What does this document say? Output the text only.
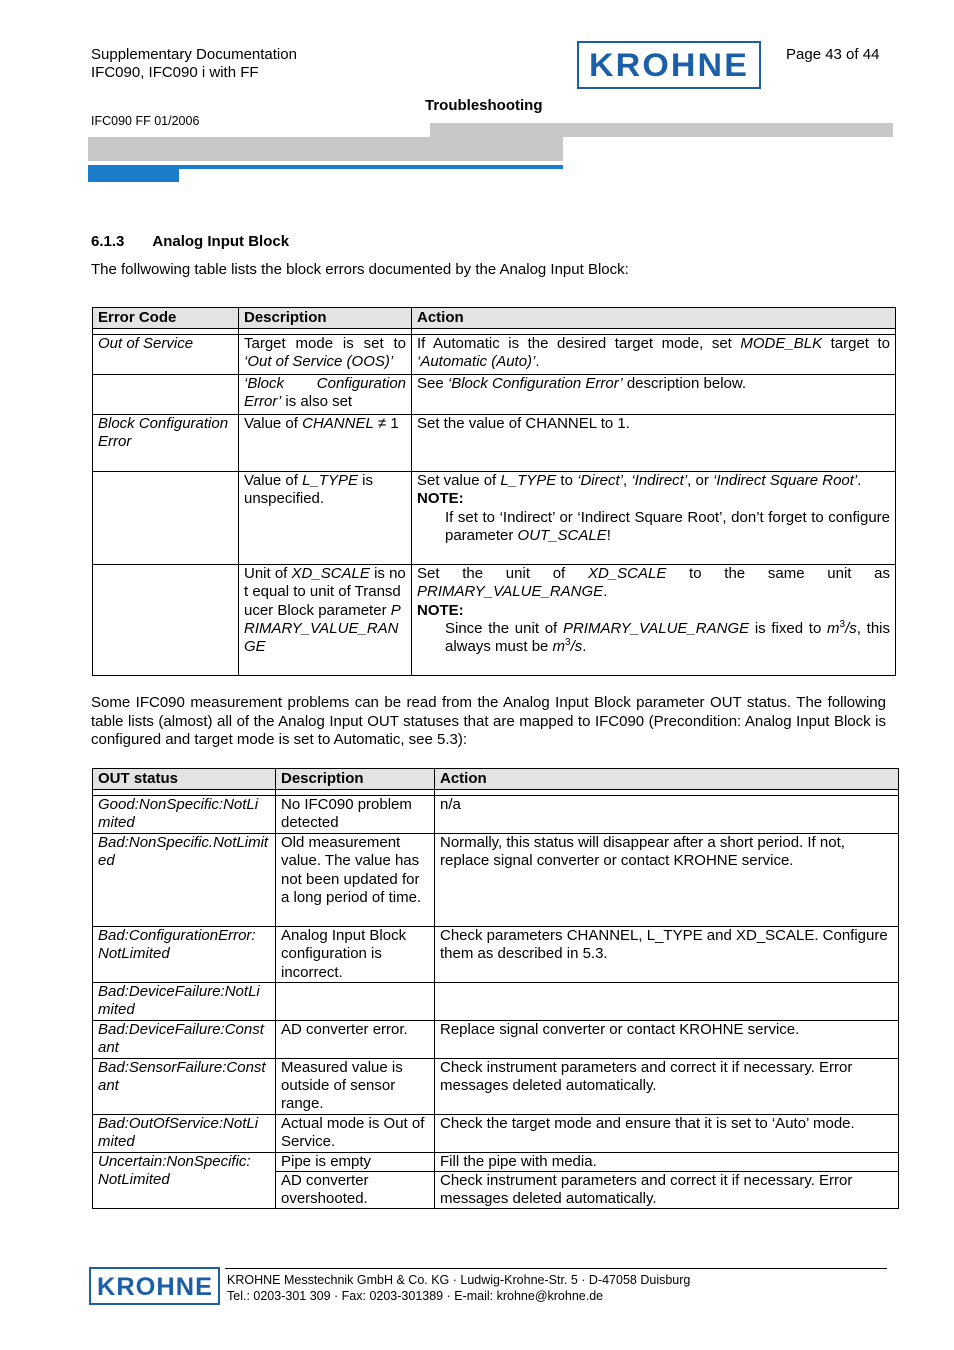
Supplementary Documentation
IFC090, IFC090 i with FF	KROHNE Page 43 of 44
Troubleshooting
IFC090 FF 01/2006
6.1.3 Analog Input Block

The follwowing table lists the block errors documented by the Analog Input Block:

Error Code	Description	Action

Out of Service	Target mode is set to ‘Out of Service (OOS)’	If Automatic is the desired target mode, set MODE_BLK target to ‘Automatic (Auto)’.
	‘Block Configuration Error’ is also set	See ‘Block Configuration Error’ description below.
Block Configuration Error	Value of CHANNEL ≠ 1	Set the value of CHANNEL to 1.
	Value of L_TYPE is unspecified.	Set value of L_TYPE to ‘Direct’, ‘Indirect’, or ‘Indirect Square Root’.
NOTE:
If set to ‘Indirect’ or ‘Indirect Square Root’, don’t forget to configure parameter OUT_SCALE!

	Unit of XD_SCALE is not equal to unit of Transducer Block parameter PRIMARY_VALUE_RANGE	Set the unit of XD_SCALE to the same unit as
PRIMARY_VALUE_RANGE.
NOTE:
Since the unit of PRIMARY_VALUE_RANGE is fixed to $m^3/s$, this always must be $m^3/s$.

Some IFC090 measurement problems can be read from the Analog Input Block parameter OUT status. The following table lists (almost) all of the Analog Input OUT statuses that are mapped to IFC090 (Precondition: Analog Input Block is configured and target mode is set to Automatic, see 5.3):

OUT status	Description	Action

Good:NonSpecific:NotLimited	No IFC090 problem detected	n/a
Bad:NonSpecific.NotLimited	Old measurement value. The value has not been updated for a long period of time.	Normally, this status will disappear after a short period. If not, replace signal converter or contact KROHNE service.
Bad:ConfigurationError: NotLimited	Analog Input Block configuration is incorrect.	Check parameters CHANNEL, L_TYPE and XD_SCALE. Configure them as described in 5.3.
Bad:DeviceFailure:NotLimited		
Bad:DeviceFailure:Constant	AD converter error.	Replace signal converter or contact KROHNE service.
Bad:SensorFailure:Constant	Measured value is outside of sensor range.	Check instrument parameters and correct it if necessary. Error messages deleted automatically.
Bad:OutOfService:NotLimited	Actual mode is Out of Service.	Check the target mode and ensure that it is set to ‘Auto’ mode.
Uncertain:NonSpecific: NotLimited	Pipe is empty	Fill the pipe with media.
	AD converter overshooted.	Check instrument parameters and correct it if necessary. Error messages deleted automatically.
KROHNE KROHNE Messtechnik GmbH & Co. KG · Ludwig-Krohne-Str. 5 · D-47058 Duisburg
Tel.: 0203-301 309 · Fax: 0203-301389 · E-mail: krohne@krohne.de
